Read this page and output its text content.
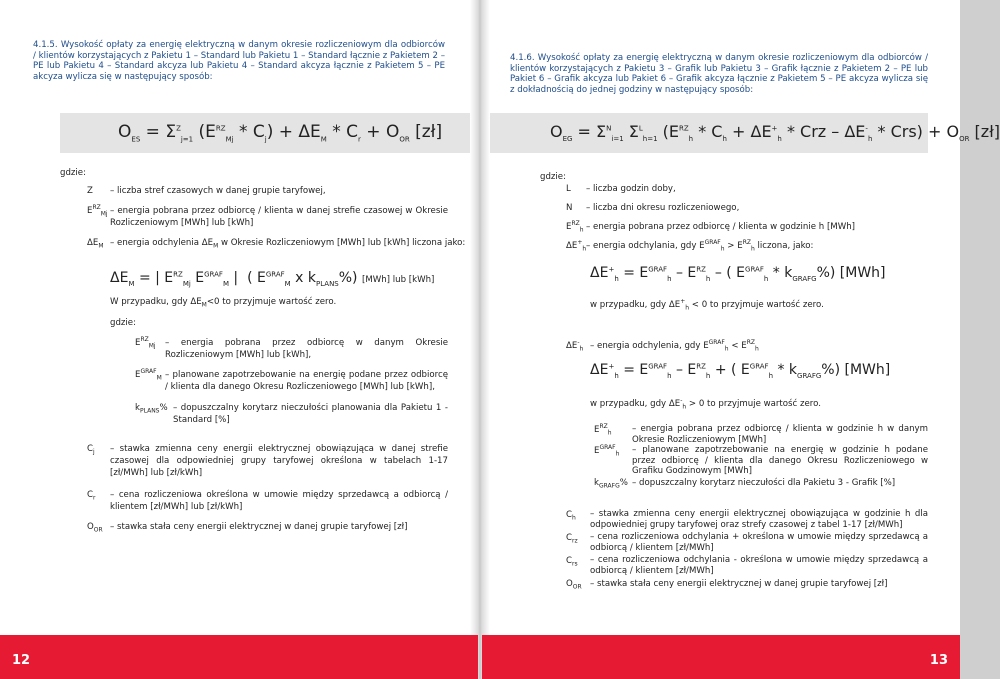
4.1.5. Wysokość opłaty za energię elektryczną w danym okresie rozliczeniowym dla odbiorców / klientów korzystających z Pakietu 1 – Standard lub Pakietu 1 – Standard łącznie z Pakietem 2 – PE lub Pakietu 4 – Standard akcyza lub Pakietu 4 – Standard akcyza łącznie z Pakietem 5 – PE akcyza wylicza się w następujący sposób:
$O_{ES} = \Sigma^Z_{j=1}$ $(E^{RZ}_{Mj} * C_j) + \Delta E_M * C_r + O_{OR}$ [zł]
gdzie:
Z – liczba stref czasowych w danej grupie taryfowej,
$E^{RZ}_{Mj}$ – energia pobrana przez odbiorcę / klienta w danej strefie czasowej w Okresie Rozliczeniowym [MWh] lub [kWh]
$\Delta E_M$ – energia odchylenia $\Delta E_M$ w Okresie Rozliczeniowym [MWh] lub [kWh] liczona jako:
$\Delta E_M$ = | $E^{RZ}_{Mj}$ $E^{GRAF}_M$ |  ( $E^{GRAF}_M$ x $k_{PLANS}\%$) [MWh] lub [kWh]
W przypadku, gdy $\Delta E_M<0$ to przyjmuje wartość zero.
gdzie:
$E^{RZ}_{Mj}$ – energia pobrana przez odbiorcę w danym Okresie Rozliczeniowym [MWh] lub [kWh],
$E^{GRAF}_M$ – planowane zapotrzebowanie na energię podane przez odbiorcę / klienta dla danego Okresu Rozliczeniowego [MWh] lub [kWh],
$k_{PLANS}\%$ – dopuszczalny korytarz nieczułości planowania dla Pakietu 1 - Standard [%]
$C_j$ – stawka zmienna ceny energii elektrycznej obowiązująca w danej strefie czasowej dla odpowiedniej grupy taryfowej określona w tabelach 1-17 [zł/MWh] lub [zł/kWh]
$C_r$ – cena rozliczeniowa określona w umowie między sprzedawcą a odbiorcą / klientem [zł/MWh] lub [zł/kWh]
$O_{OR}$ – stawka stała ceny energii elektrycznej w danej grupie taryfowej [zł]
4.1.6. Wysokość opłaty za energię elektryczną w danym okresie rozliczeniowym dla odbiorców / klientów korzystających z Pakietu 3 – Grafik lub Pakietu 3 – Grafik łącznie z Pakietem 2 – PE lub Pakiet 6 – Grafik akcyza lub Pakiet 6 – Grafik akcyza łącznie z Pakietem 5 – PE akcyza wylicza się z dokładnością do jednej godziny w następujący sposób:
$O_{EG} = \Sigma^N_{i=1}$ $\Sigma^L_{h=1}$ ($E^{RZ}_h * C_h + \Delta E^+_h$ * Crz – $\Delta E^-_h * Crs) + O_{OR}$ [zł]
gdzie:
L – liczba godzin doby,
N – liczba dni okresu rozliczeniowego,
$E^{RZ}_h$ – energia pobrana przez odbiorcę / klienta w godzinie h [MWh]
$\Delta E^+_h$ – energia odchylania, gdy $E^{GRAF}_h > E^{RZ}_h$ liczona, jako:
$\Delta E^+_h = E^{GRAF}_h - E^{RZ}_h$ – ( $E^{GRAF}_h * k_{GRAFG}\%$) [MWh]
w przypadku, gdy $\Delta E^+_h < 0$ to przyjmuje wartość zero.
$\Delta E^-_h$ – energia odchylenia, gdy $E^{GRAF}_h < E^{RZ}_h$
$\Delta E^+_h = E^{GRAF}_h - E^{RZ}_h$ + ( $E^{GRAF}_h * k_{GRAFG}\%$) [MWh]
w przypadku, gdy $\Delta E^-_h > 0$ to przyjmuje wartość zero.
$E^{RZ}_h$ – energia pobrana przez odbiorcę / klienta w godzinie h w danym Okresie Rozliczeniowym [MWh]
$E^{GRAF}_h$ – planowane zapotrzebowanie na energię w godzinie h podane przez odbiorcę / klienta dla danego Okresu Rozliczeniowego w Grafiku Godzinowym [MWh]
$k_{GRAFG}\%$ – dopuszczalny korytarz nieczułości dla Pakietu 3 - Grafik [%]
$C_h$ – stawka zmienna ceny energii elektrycznej obowiązująca w godzinie h dla odpowiedniej grupy taryfowej oraz strefy czasowej z tabel 1-17 [zł/MWh]
$C_{rz}$ – cena rozliczeniowa odchylania + określona w umowie między sprzedawcą a odbiorcą / klientem [zł/MWh]
$C_{rs}$ – cena rozliczeniowa odchylania - określona w umowie między sprzedawcą a odbiorcą / klientem [zł/MWh]
$O_{OR}$ – stawka stała ceny energii elektrycznej w danej grupie taryfowej [zł]
12	13
